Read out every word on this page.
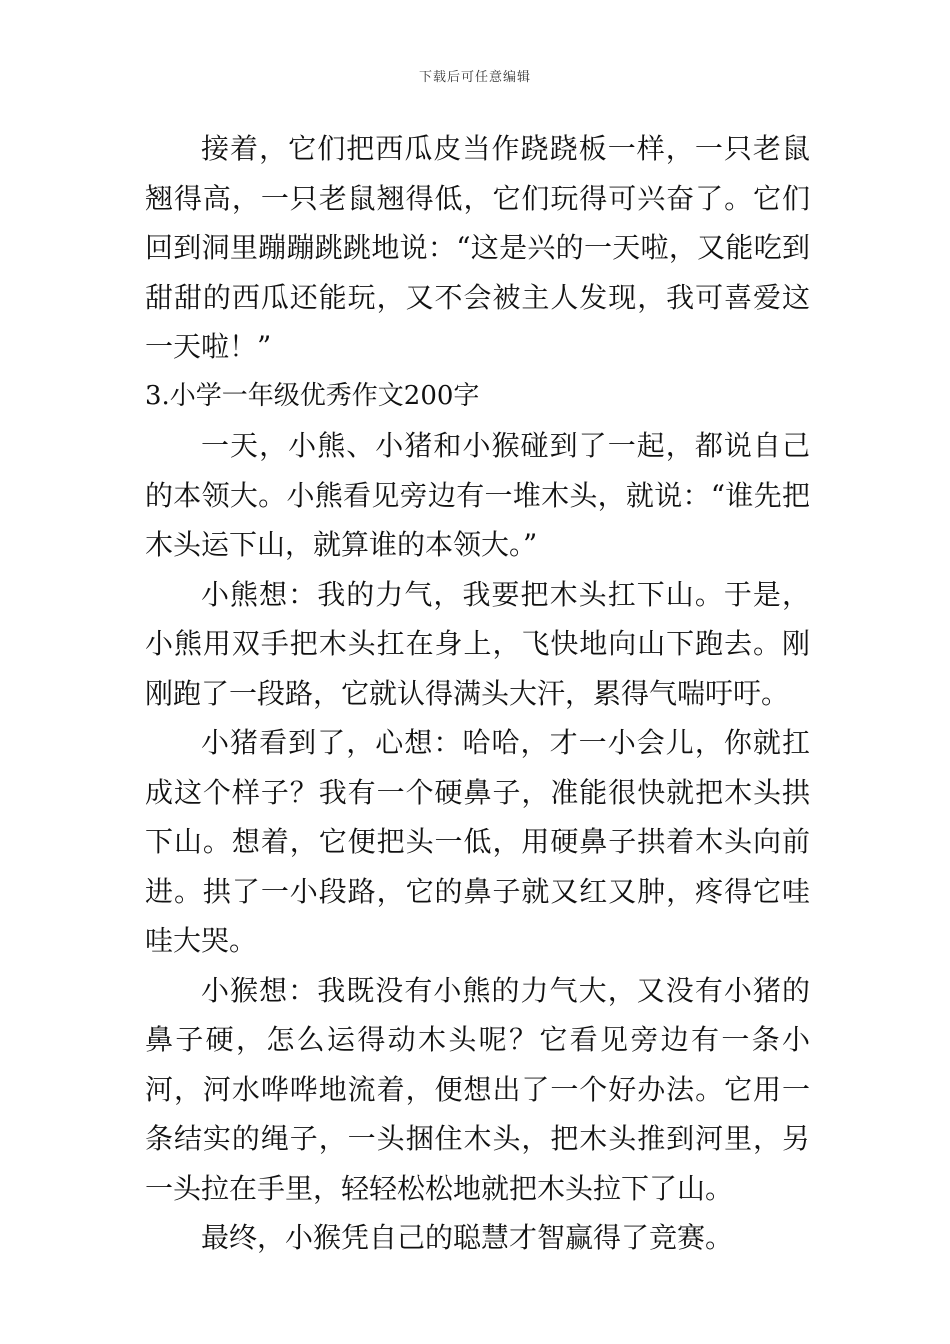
下载后可任意编辑

接着，它们把西瓜皮当作跷跷板一样，一只老鼠翘得高，一只老鼠翘得低，它们玩得可兴奋了。它们回到洞里蹦蹦跳跳地说：“这是兴的一天啦，又能吃到甜甜的西瓜还能玩，又不会被主人发现，我可喜爱这一天啦！”

3.小学一年级优秀作文200字

一天，小熊、小猪和小猴碰到了一起，都说自己的本领大。小熊看见旁边有一堆木头，就说：“谁先把木头运下山，就算谁的本领大。”

小熊想：我的力气，我要把木头扛下山。于是，小熊用双手把木头扛在身上，飞快地向山下跑去。刚刚跑了一段路，它就认得满头大汗，累得气喘吁吁。

小猪看到了，心想：哈哈，才一小会儿，你就扛成这个样子？我有一个硬鼻子，准能很快就把木头拱下山。想着，它便把头一低，用硬鼻子拱着木头向前进。拱了一小段路，它的鼻子就又红又肿，疼得它哇哇大哭。

小猴想：我既没有小熊的力气大，又没有小猪的鼻子硬，怎么运得动木头呢？它看见旁边有一条小河，河水哗哗地流着，便想出了一个好办法。它用一条结实的绳子，一头捆住木头，把木头推到河里，另一头拉在手里，轻轻松松地就把木头拉下了山。

最终，小猴凭自己的聪慧才智赢得了竞赛。
